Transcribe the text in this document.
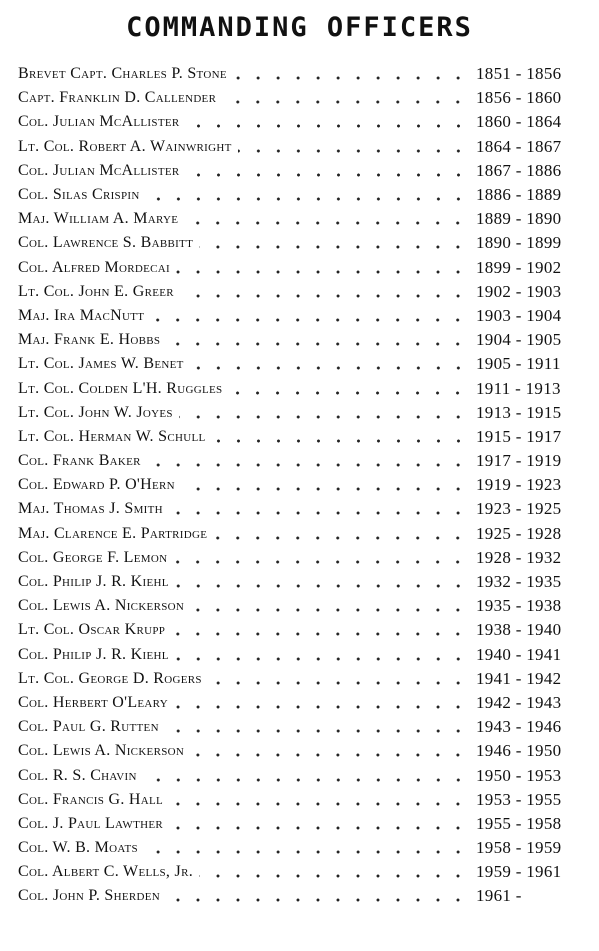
COMMANDING OFFICERS
Brevet Capt. Charles P. Stone	1851 - 1856
Capt. Franklin D. Callender	1856 - 1860
Col. Julian McAllister	1860 - 1864
Lt. Col. Robert A. Wainwright	1864 - 1867
Col. Julian McAllister	1867 - 1886
Col. Silas Crispin	1886 - 1889
Maj. William A. Marye	1889 - 1890
Col. Lawrence S. Babbitt	1890 - 1899
Col. Alfred Mordecai	1899 - 1902
Lt. Col. John E. Greer	1902 - 1903
Maj. Ira MacNutt	1903 - 1904
Maj. Frank E. Hobbs	1904 - 1905
Lt. Col. James W. Benet	1905 - 1911
Lt. Col. Colden L'H. Ruggles	1911 - 1913
Lt. Col. John W. Joyes	1913 - 1915
Lt. Col. Herman W. Schull	1915 - 1917
Col. Frank Baker	1917 - 1919
Col. Edward P. O'Hern	1919 - 1923
Maj. Thomas J. Smith	1923 - 1925
Maj. Clarence E. Partridge	1925 - 1928
Col. George F. Lemon	1928 - 1932
Col. Philip J. R. Kiehl	1932 - 1935
Col. Lewis A. Nickerson	1935 - 1938
Lt. Col. Oscar Krupp	1938 - 1940
Col. Philip J. R. Kiehl	1940 - 1941
Lt. Col. George D. Rogers	1941 - 1942
Col. Herbert O'Leary	1942 - 1943
Col. Paul G. Rutten	1943 - 1946
Col. Lewis A. Nickerson	1946 - 1950
Col. R. S. Chavin	1950 - 1953
Col. Francis G. Hall	1953 - 1955
Col. J. Paul Lawther	1955 - 1958
Col. W. B. Moats	1958 - 1959
Col. Albert C. Wells, Jr.	1959 - 1961
Col. John P. Sherden	1961 -
